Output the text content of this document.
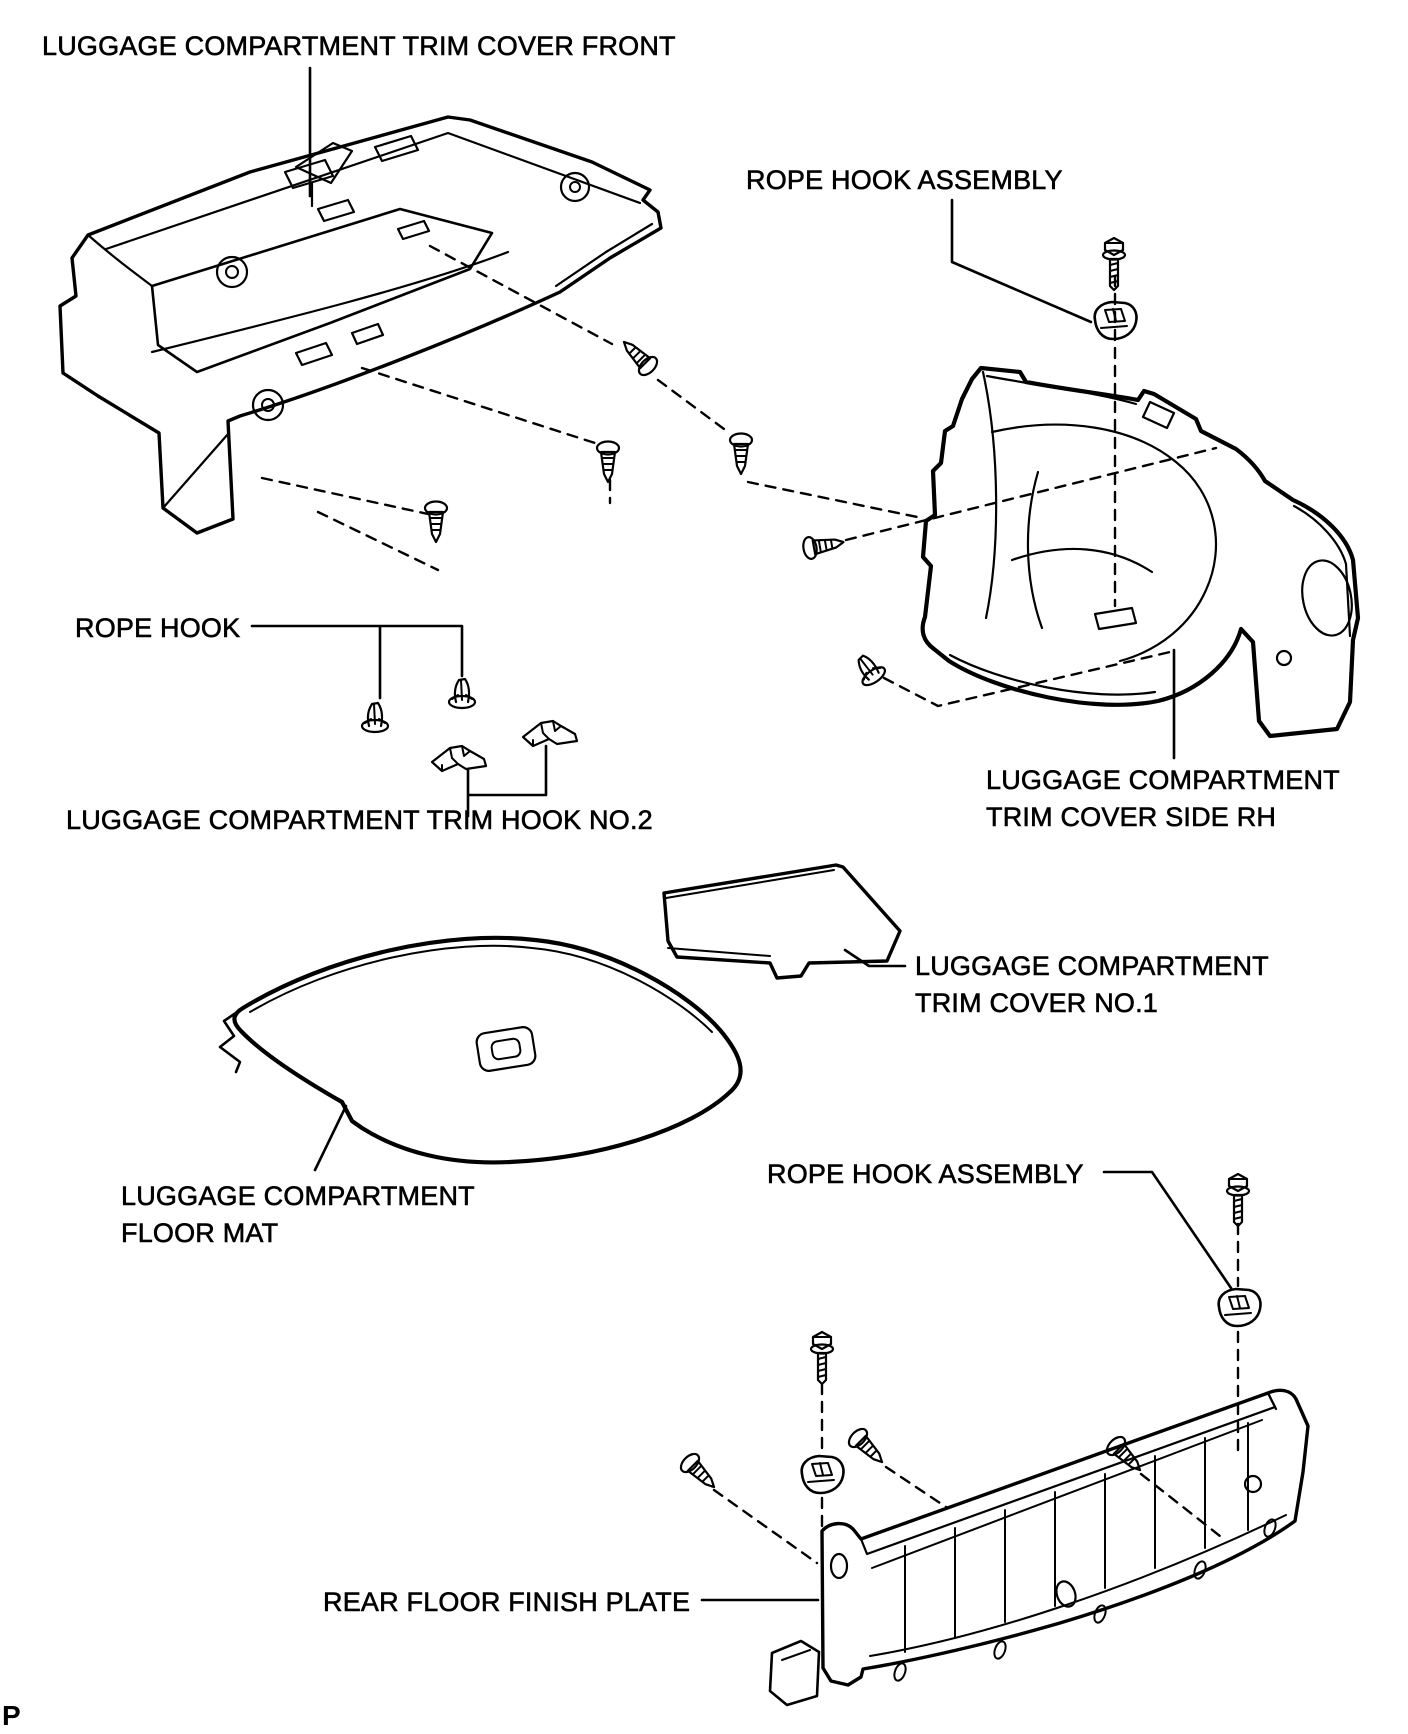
LUGGAGE COMPARTMENT TRIM COVER FRONT
ROPE HOOK ASSEMBLY
ROPE HOOK
LUGGAGE COMPARTMENT TRIM HOOK NO.2
LUGGAGE COMPARTMENT
TRIM COVER SIDE RH
LUGGAGE COMPARTMENT
TRIM COVER NO.1
LUGGAGE COMPARTMENT
FLOOR MAT
ROPE HOOK ASSEMBLY
REAR FLOOR FINISH PLATE
P
